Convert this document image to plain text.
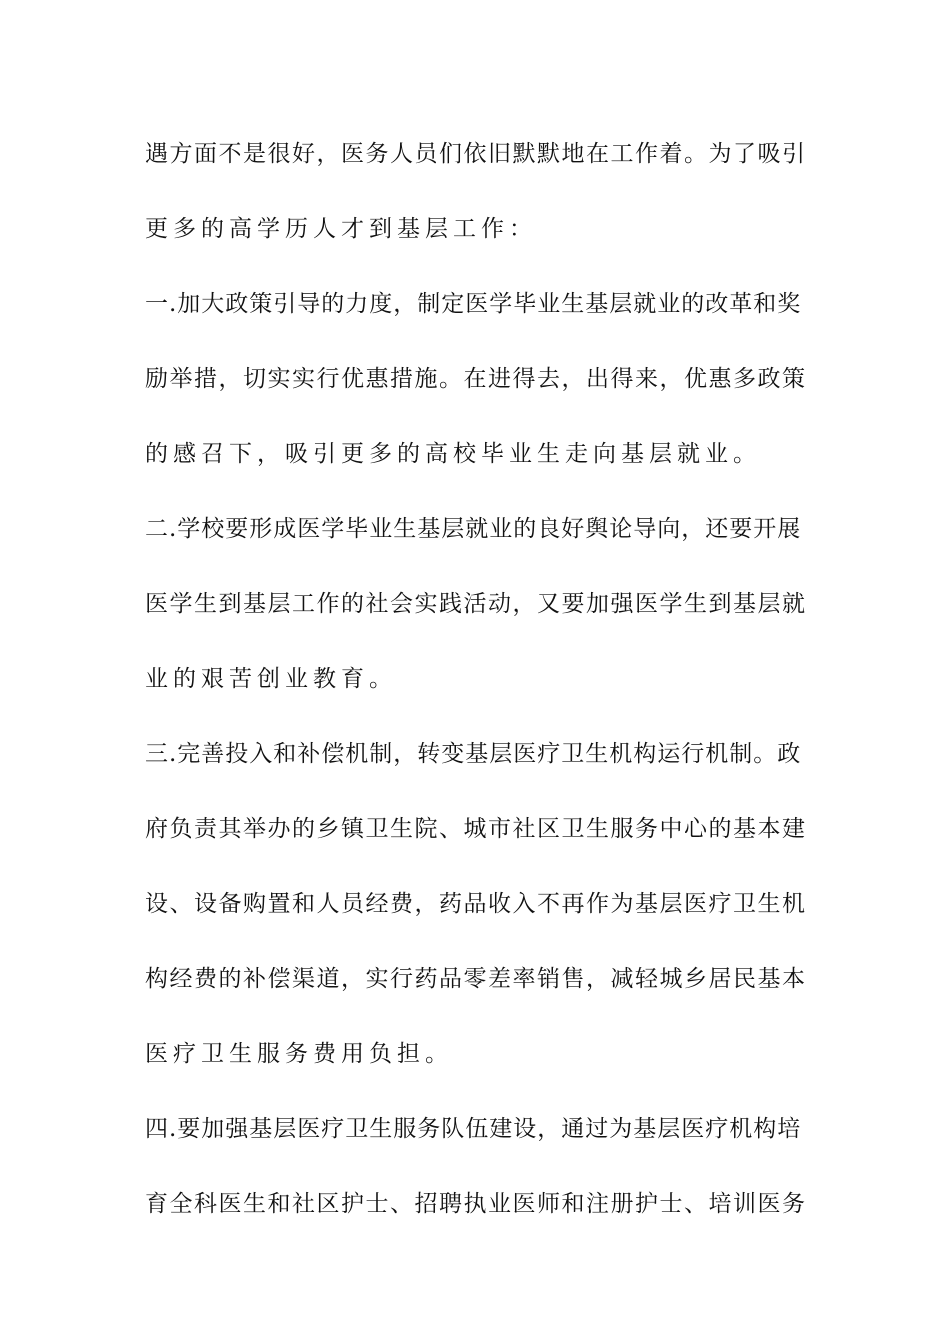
遇方面不是很好，医务人员们依旧默默地在工作着。为了吸引
更多的高学历人才到基层工作：
一.加大政策引导的力度，制定医学毕业生基层就业的改革和奖
励举措，切实实行优惠措施。在进得去，出得来，优惠多政策
的感召下，吸引更多的高校毕业生走向基层就业。
二.学校要形成医学毕业生基层就业的良好舆论导向，还要开展
医学生到基层工作的社会实践活动，又要加强医学生到基层就
业的艰苦创业教育。
三.完善投入和补偿机制，转变基层医疗卫生机构运行机制。政
府负责其举办的乡镇卫生院、城市社区卫生服务中心的基本建
设、设备购置和人员经费，药品收入不再作为基层医疗卫生机
构经费的补偿渠道，实行药品零差率销售，减轻城乡居民基本
医疗卫生服务费用负担。
四.要加强基层医疗卫生服务队伍建设，通过为基层医疗机构培
育全科医生和社区护士、招聘执业医师和注册护士、培训医务
